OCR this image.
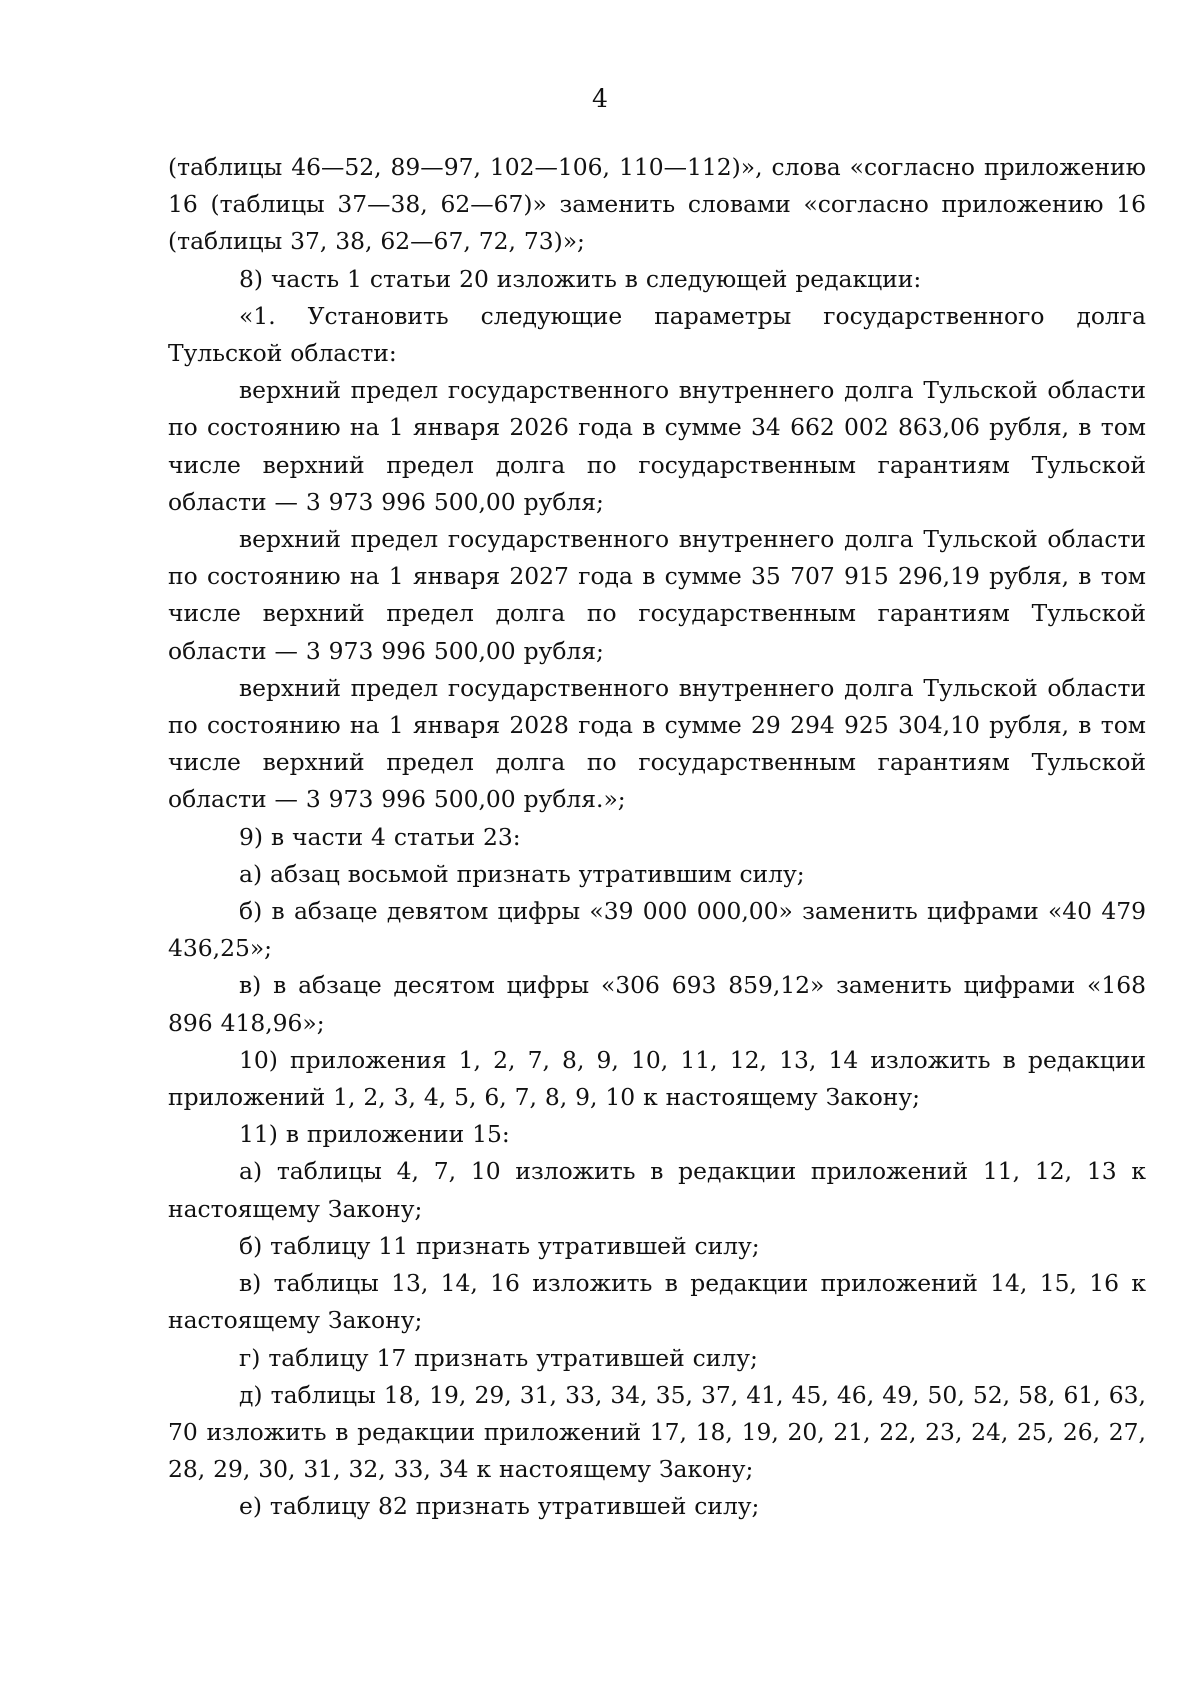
4

(таблицы 46—52, 89—97, 102—106, 110—112)», слова «согласно приложению 16 (таблицы 37—38, 62—67)» заменить словами «согласно приложению 16 (таблицы 37, 38, 62—67, 72, 73)»;

8) часть 1 статьи 20 изложить в следующей редакции:

«1. Установить следующие параметры государственного долга Тульской области:

верхний предел государственного внутреннего долга Тульской области по состоянию на 1 января 2026 года в сумме 34 662 002 863,06 рубля, в том числе верхний предел долга по государственным гарантиям Тульской области — 3 973 996 500,00 рубля;

верхний предел государственного внутреннего долга Тульской области по состоянию на 1 января 2027 года в сумме 35 707 915 296,19 рубля, в том числе верхний предел долга по государственным гарантиям Тульской области — 3 973 996 500,00 рубля;

верхний предел государственного внутреннего долга Тульской области по состоянию на 1 января 2028 года в сумме 29 294 925 304,10 рубля, в том числе верхний предел долга по государственным гарантиям Тульской области — 3 973 996 500,00 рубля.»;

9) в части 4 статьи 23:

а) абзац восьмой признать утратившим силу;

б) в абзаце девятом цифры «39 000 000,00» заменить цифрами «40 479 436,25»;

в) в абзаце десятом цифры «306 693 859,12» заменить цифрами «168 896 418,96»;

10) приложения 1, 2, 7, 8, 9, 10, 11, 12, 13, 14 изложить в редакции приложений 1, 2, 3, 4, 5, 6, 7, 8, 9, 10 к настоящему Закону;

11) в приложении 15:

а) таблицы 4, 7, 10 изложить в редакции приложений 11, 12, 13 к настоящему Закону;

б) таблицу 11 признать утратившей силу;

в) таблицы 13, 14, 16 изложить в редакции приложений 14, 15, 16 к настоящему Закону;

г) таблицу 17 признать утратившей силу;

д) таблицы 18, 19, 29, 31, 33, 34, 35, 37, 41, 45, 46, 49, 50, 52, 58, 61, 63, 70 изложить в редакции приложений 17, 18, 19, 20, 21, 22, 23, 24, 25, 26, 27, 28, 29, 30, 31, 32, 33, 34 к настоящему Закону;

е) таблицу 82 признать утратившей силу;
